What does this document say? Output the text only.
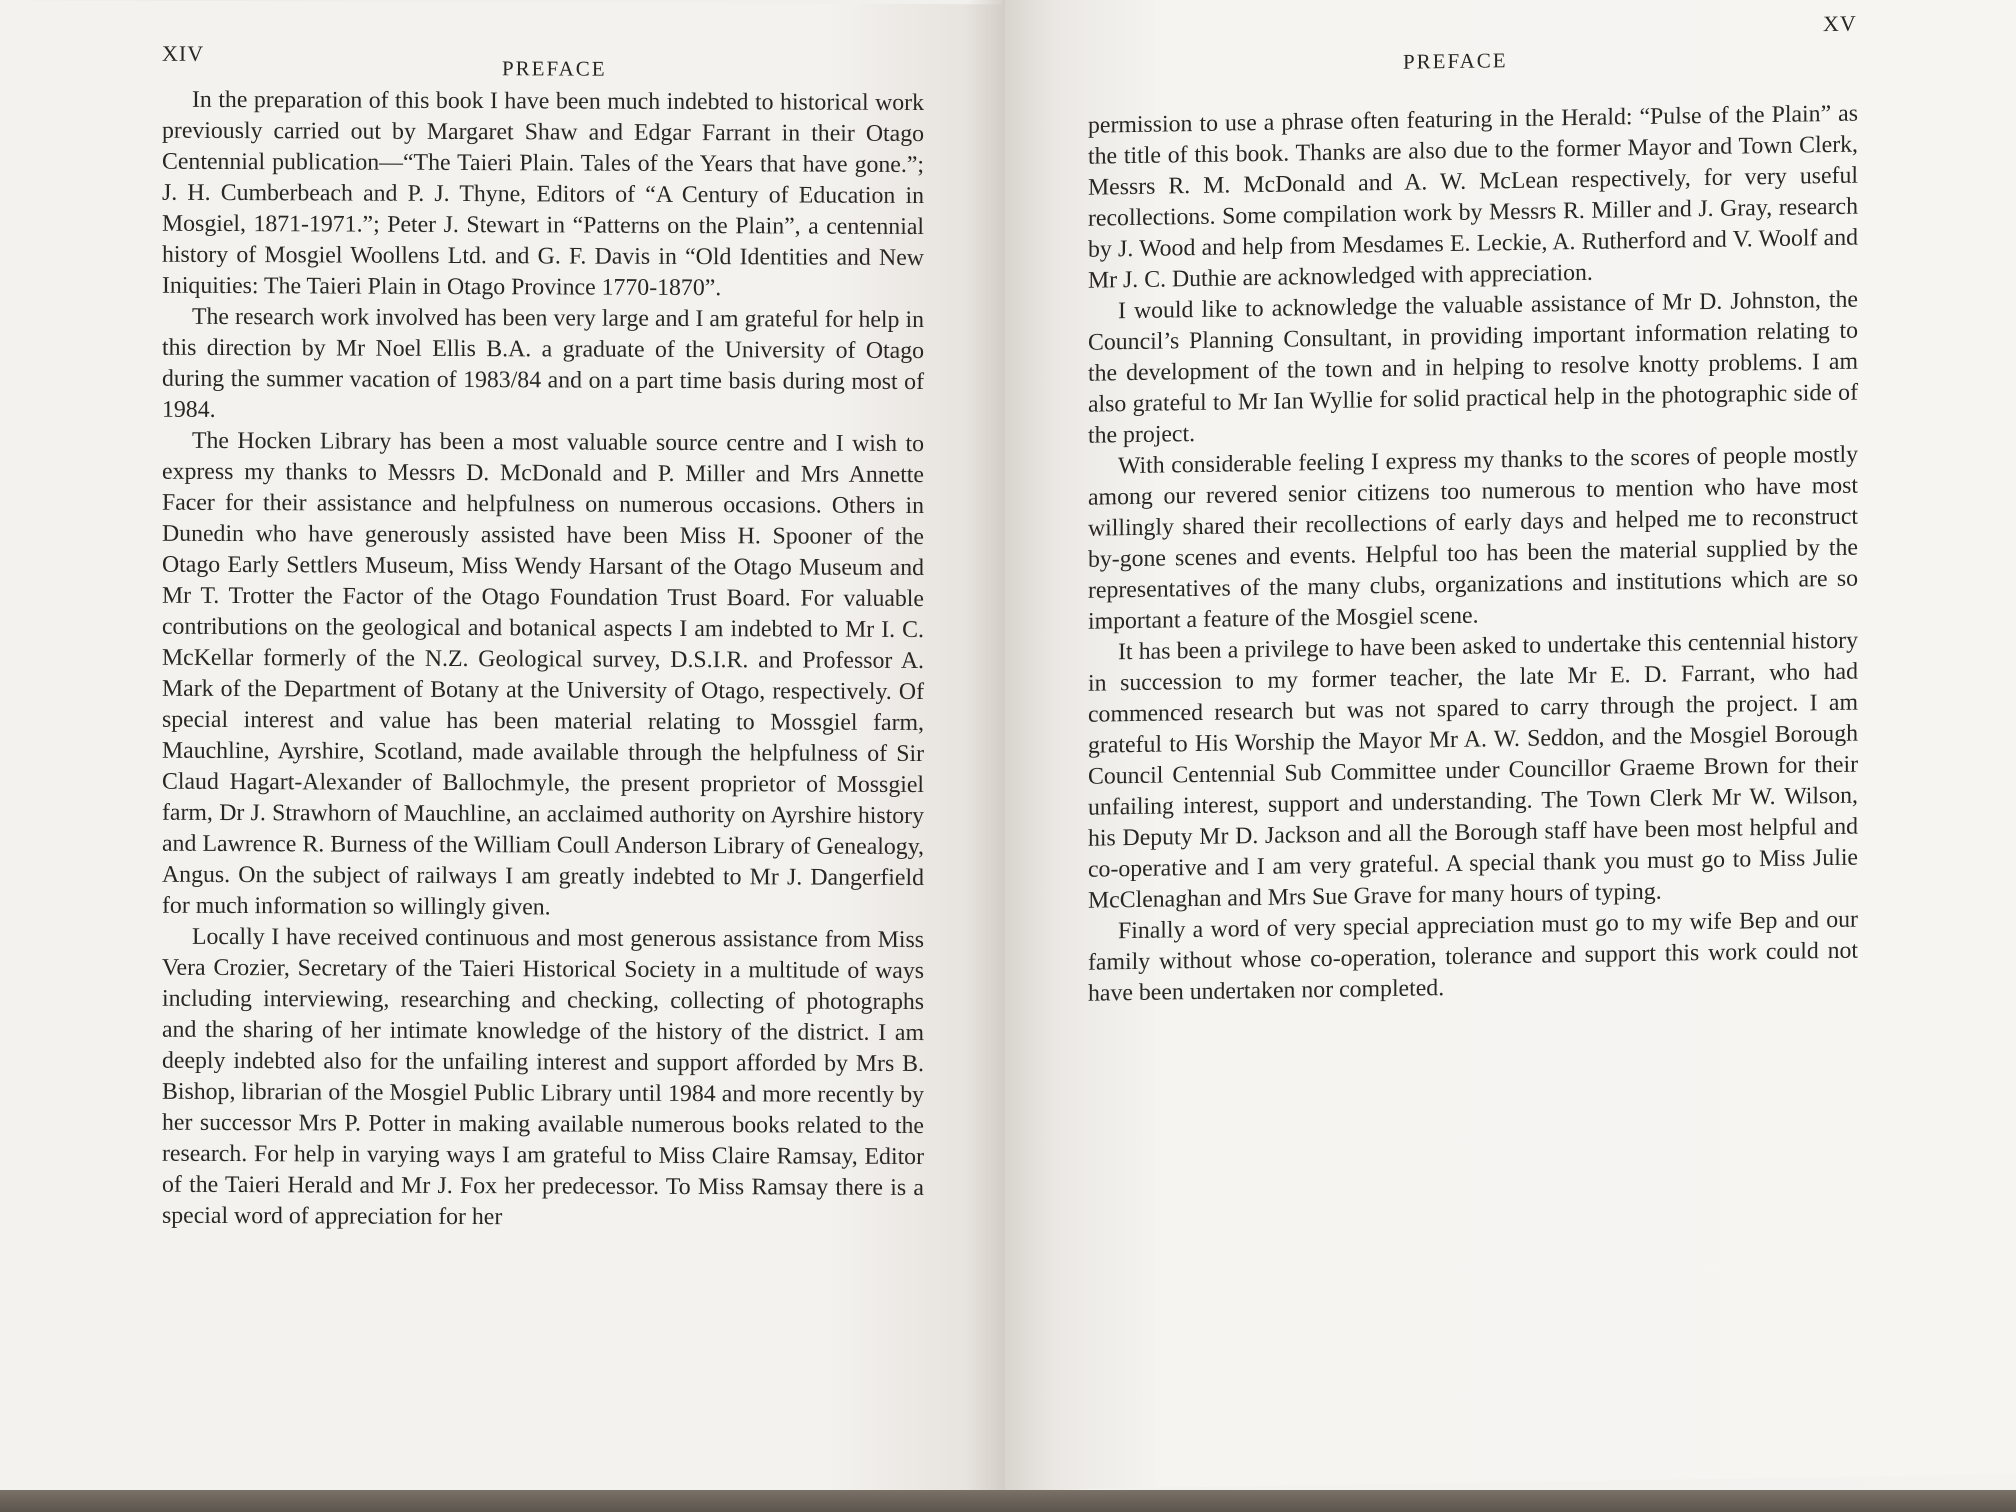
XIV
PREFACE

In the preparation of this book I have been much indebted to historical work previously carried out by Margaret Shaw and Edgar Farrant in their Otago Centennial publication—“The Taieri Plain. Tales of the Years that have gone.”; J. H. Cumberbeach and P. J. Thyne, Editors of “A Century of Education in Mosgiel, 1871-1971.”; Peter J. Stewart in “Patterns on the Plain”, a centennial history of Mosgiel Woollens Ltd. and G. F. Davis in “Old Identities and New Iniquities: The Taieri Plain in Otago Province 1770-1870”.

The research work involved has been very large and I am grateful for help in this direction by Mr Noel Ellis B.A. a graduate of the University of Otago during the summer vacation of 1983/84 and on a part time basis during most of 1984.

The Hocken Library has been a most valuable source centre and I wish to express my thanks to Messrs D. McDonald and P. Miller and Mrs Annette Facer for their assistance and helpfulness on numerous occasions. Others in Dunedin who have generously assisted have been Miss H. Spooner of the Otago Early Settlers Museum, Miss Wendy Harsant of the Otago Museum and Mr T. Trotter the Factor of the Otago Foundation Trust Board. For valuable contributions on the geological and botanical aspects I am indebted to Mr I. C. McKellar formerly of the N.Z. Geological survey, D.S.I.R. and Professor A. Mark of the Department of Botany at the University of Otago, respectively. Of special interest and value has been material relating to Mossgiel farm, Mauchline, Ayrshire, Scotland, made available through the helpfulness of Sir Claud Hagart-Alexander of Ballochmyle, the present proprietor of Mossgiel farm, Dr J. Strawhorn of Mauchline, an acclaimed authority on Ayrshire history and Lawrence R. Burness of the William Coull Anderson Library of Genealogy, Angus. On the subject of railways I am greatly indebted to Mr J. Dangerfield for much information so willingly given.

Locally I have received continuous and most generous assistance from Miss Vera Crozier, Secretary of the Taieri Historical Society in a multitude of ways including interviewing, researching and checking, collecting of photographs and the sharing of her intimate knowledge of the history of the district. I am deeply indebted also for the unfailing interest and support afforded by Mrs B. Bishop, librarian of the Mosgiel Public Library until 1984 and more recently by her successor Mrs P. Potter in making available numerous books related to the research. For help in varying ways I am grateful to Miss Claire Ramsay, Editor of the Taieri Herald and Mr J. Fox her predecessor. To Miss Ramsay there is a special word of appreciation for her

XV
PREFACE

permission to use a phrase often featuring in the Herald: “Pulse of the Plain” as the title of this book. Thanks are also due to the former Mayor and Town Clerk, Messrs R. M. McDonald and A. W. McLean respectively, for very useful recollections. Some compilation work by Messrs R. Miller and J. Gray, research by J. Wood and help from Mesdames E. Leckie, A. Rutherford and V. Woolf and Mr J. C. Duthie are acknowledged with appreciation.

I would like to acknowledge the valuable assistance of Mr D. Johnston, the Council’s Planning Consultant, in providing important information relating to the development of the town and in helping to resolve knotty problems. I am also grateful to Mr Ian Wyllie for solid practical help in the photographic side of the project.

With considerable feeling I express my thanks to the scores of people mostly among our revered senior citizens too numerous to mention who have most willingly shared their recollections of early days and helped me to reconstruct by-gone scenes and events. Helpful too has been the material supplied by the representatives of the many clubs, organizations and institutions which are so important a feature of the Mosgiel scene.

It has been a privilege to have been asked to undertake this centennial history in succession to my former teacher, the late Mr E. D. Farrant, who had commenced research but was not spared to carry through the project. I am grateful to His Worship the Mayor Mr A. W. Seddon, and the Mosgiel Borough Council Centennial Sub Committee under Councillor Graeme Brown for their unfailing interest, support and understanding. The Town Clerk Mr W. Wilson, his Deputy Mr D. Jackson and all the Borough staff have been most helpful and co-operative and I am very grateful. A special thank you must go to Miss Julie McClenaghan and Mrs Sue Grave for many hours of typing.

Finally a word of very special appreciation must go to my wife Bep and our family without whose co-operation, tolerance and support this work could not have been undertaken nor completed.
